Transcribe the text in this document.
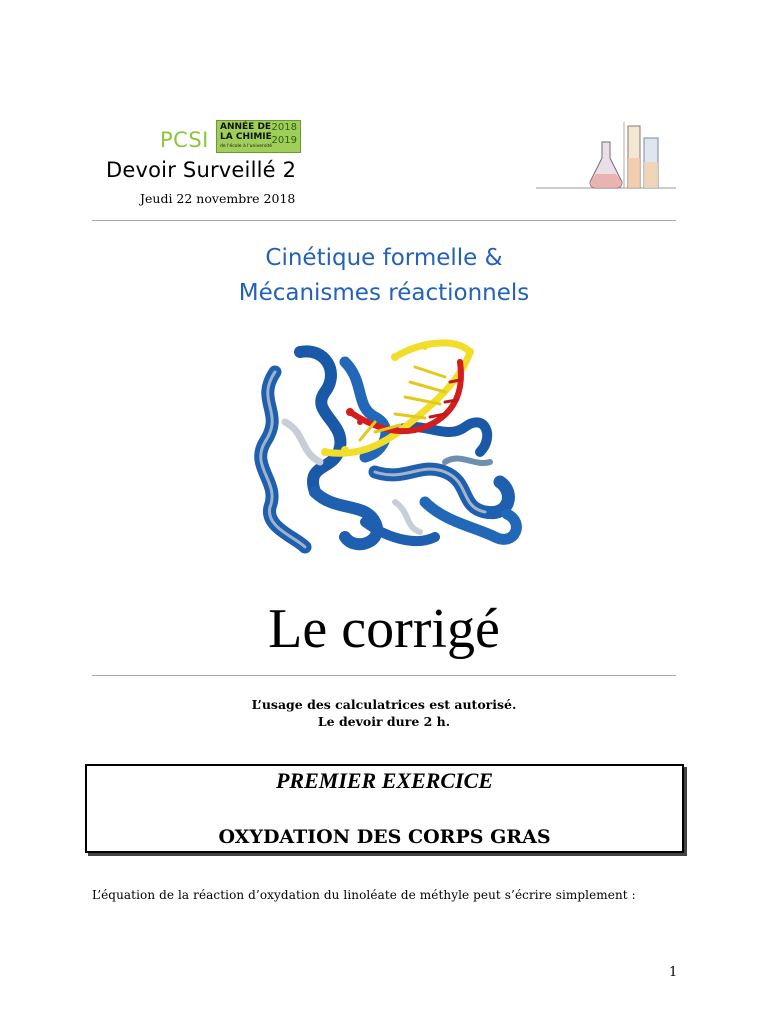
PCSI
ANNÉE DE
LA CHIMIE
de l'école à l'université
2018
2019
Devoir Surveillé 2
Jeudi 22 novembre 2018
Cinétique formelle &
Mécanismes réactionnels
Le corrigé
L’usage des calculatrices est autorisé.
Le devoir dure 2 h.
PREMIER EXERCICE
OXYDATION DES CORPS GRAS
L’équation de la réaction d’oxydation du linoléate de méthyle peut s’écrire simplement :
1
